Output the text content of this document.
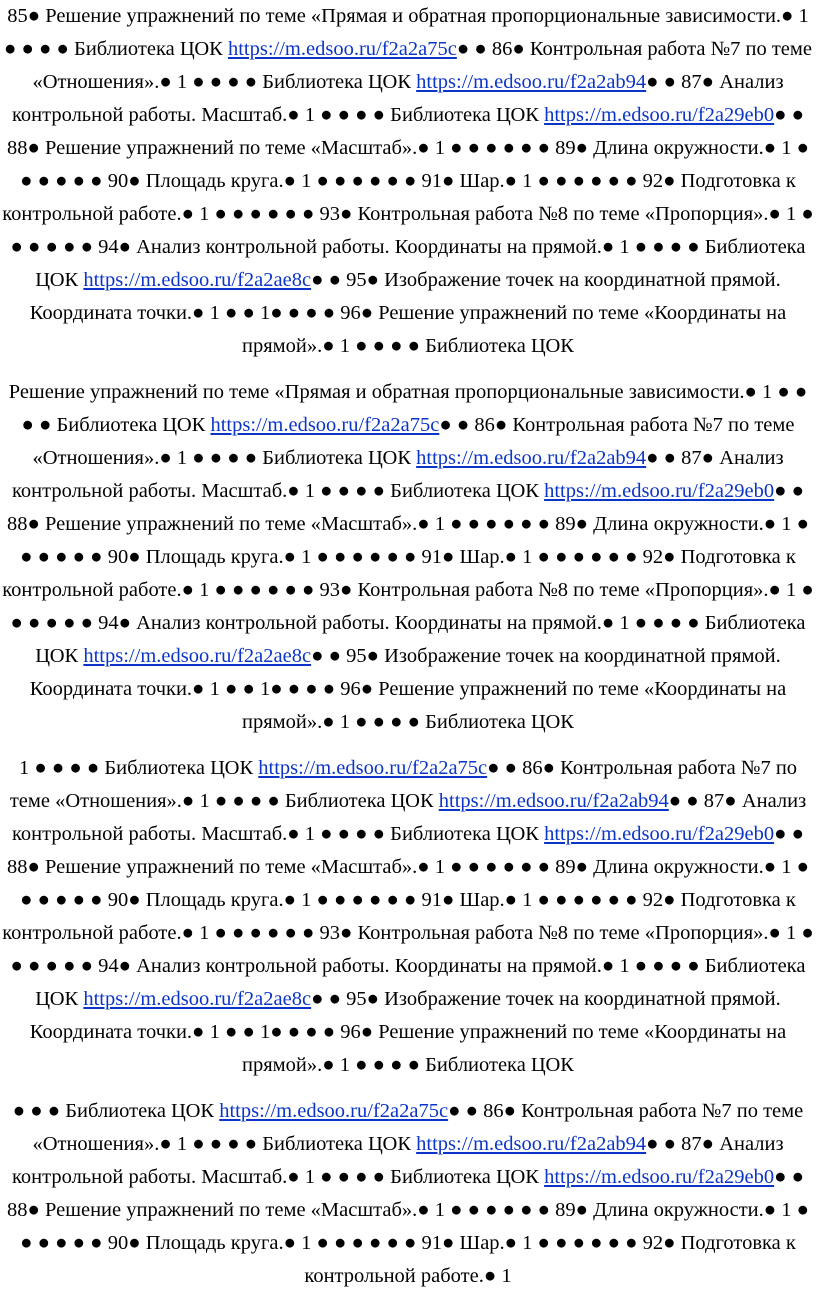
85● Решение упражнений по теме «Прямая и обратная пропорциональные зависимости.● 1 ● ● ● ● Библиотека ЦОК https://m.edsoo.ru/f2a2a75c● ● 86● Контрольная работа №7 по теме «Отношения».● 1 ● ● ● ● Библиотека ЦОК https://m.edsoo.ru/f2a2ab94● ● 87● Анализ контрольной работы. Масштаб.● 1 ● ● ● ● Библиотека ЦОК https://m.edsoo.ru/f2a29eb0● ● 88● Решение упражнений по теме «Масштаб».● 1 ● ● ● ● ● ● 89● Длина окружности.● 1 ● ● ● ● ● ● 90● Площадь круга.● 1 ● ● ● ● ● ● 91● Шар.● 1 ● ● ● ● ● ● 92● Подготовка к контрольной работе.● 1 ● ● ● ● ● ● 93● Контрольная работа №8 по теме «Пропорция».● 1 ● ● ● ● ● ● 94● Анализ контрольной работы. Координаты на прямой.● 1 ● ● ● ● Библиотека ЦОК https://m.edsoo.ru/f2a2ae8c● ● 95● Изображение точек на координатной прямой. Координата точки.● 1 ● ● 1● ● ● ● 96● Решение упражнений по теме «Координаты на прямой».● 1 ● ● ● ● Библиотека ЦОК

Решение упражнений по теме «Прямая и обратная пропорциональные зависимости.● 1 ● ● ● ● Библиотека ЦОК https://m.edsoo.ru/f2a2a75c● ● 86● Контрольная работа №7 по теме «Отношения».● 1 ● ● ● ● Библиотека ЦОК https://m.edsoo.ru/f2a2ab94● ● 87● Анализ контрольной работы. Масштаб.● 1 ● ● ● ● Библиотека ЦОК https://m.edsoo.ru/f2a29eb0● ● 88● Решение упражнений по теме «Масштаб».● 1 ● ● ● ● ● ● 89● Длина окружности.● 1 ● ● ● ● ● ● 90● Площадь круга.● 1 ● ● ● ● ● ● 91● Шар.● 1 ● ● ● ● ● ● 92● Подготовка к контрольной работе.● 1 ● ● ● ● ● ● 93● Контрольная работа №8 по теме «Пропорция».● 1 ● ● ● ● ● ● 94● Анализ контрольной работы. Координаты на прямой.● 1 ● ● ● ● Библиотека ЦОК https://m.edsoo.ru/f2a2ae8c● ● 95● Изображение точек на координатной прямой. Координата точки.● 1 ● ● 1● ● ● ● 96● Решение упражнений по теме «Координаты на прямой».● 1 ● ● ● ● Библиотека ЦОК

1 ● ● ● ● Библиотека ЦОК https://m.edsoo.ru/f2a2a75c● ● 86● Контрольная работа №7 по теме «Отношения».● 1 ● ● ● ● Библиотека ЦОК https://m.edsoo.ru/f2a2ab94● ● 87● Анализ контрольной работы. Масштаб.● 1 ● ● ● ● Библиотека ЦОК https://m.edsoo.ru/f2a29eb0● ● 88● Решение упражнений по теме «Масштаб».● 1 ● ● ● ● ● ● 89● Длина окружности.● 1 ● ● ● ● ● ● 90● Площадь круга.● 1 ● ● ● ● ● ● 91● Шар.● 1 ● ● ● ● ● ● 92● Подготовка к контрольной работе.● 1 ● ● ● ● ● ● 93● Контрольная работа №8 по теме «Пропорция».● 1 ● ● ● ● ● ● 94● Анализ контрольной работы. Координаты на прямой.● 1 ● ● ● ● Библиотека ЦОК https://m.edsoo.ru/f2a2ae8c● ● 95● Изображение точек на координатной прямой. Координата точки.● 1 ● ● 1● ● ● ● 96● Решение упражнений по теме «Координаты на прямой».● 1 ● ● ● ● Библиотека ЦОК

● ● ● Библиотека ЦОК https://m.edsoo.ru/f2a2a75c● ● 86● Контрольная работа №7 по теме «Отношения».● 1 ● ● ● ● Библиотека ЦОК https://m.edsoo.ru/f2a2ab94● ● 87● Анализ контрольной работы. Масштаб.● 1 ● ● ● ● Библиотека ЦОК https://m.edsoo.ru/f2a29eb0● ● 88● Решение упражнений по теме «Масштаб».● 1 ● ● ● ● ● ● 89● Длина окружности.● 1 ● ● ● ● ● ● 90● Площадь круга.● 1 ● ● ● ● ● ● 91● Шар.● 1 ● ● ● ● ● ● 92● Подготовка к контрольной работе.● 1
